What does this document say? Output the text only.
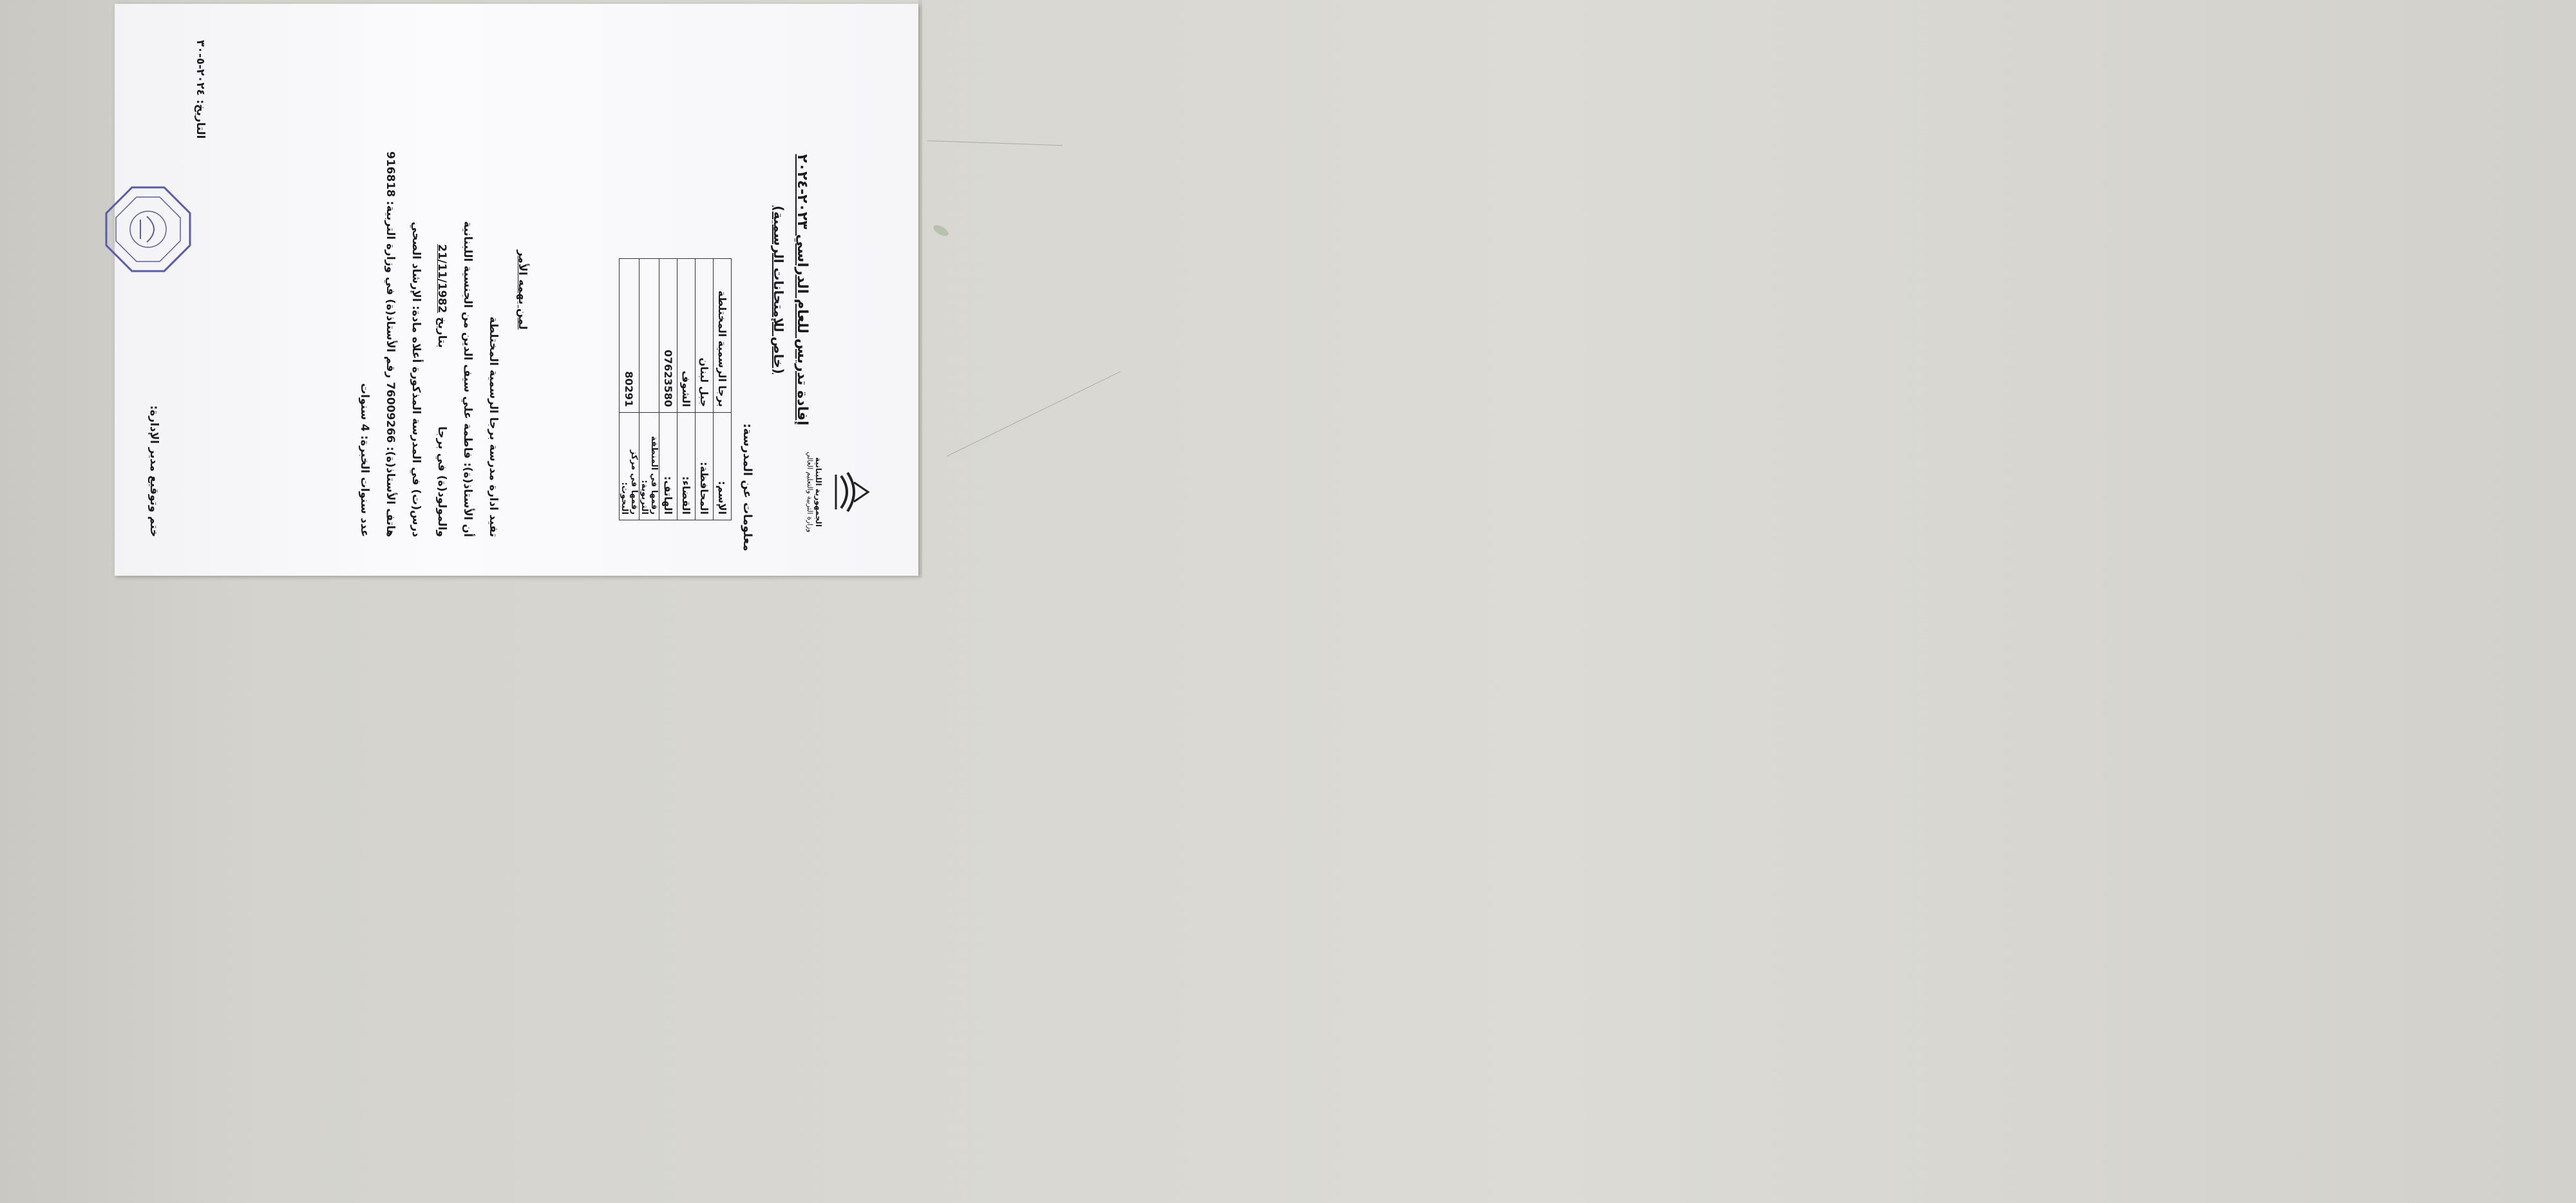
الجمهورية اللبنانية
وزارة التربية والتعليم العالي
إفادة تدريس للعام الدراسي ٢٠٢٣-٢٠٢٤
(خاص للإمتحانات الرسمية)
معلومات عن المدرسة:
الإسم:	برجا الرسمية المختلطة
المحافظة:	جبل لبنان
القضاء:	الشوف
الهاتف:	07623580
رقمها في المنطقة التربوية:	
رقمها في مركز البحوث:	80291
لمن يهمه الأمر
تفيد ادارة مدرسة برجا الرسمية المختلطة
أن الأستاذ(ة): فاطمة علي سيف الدين من الجنسية اللبنانية
والمولود(ة) في برجا  بتاريخ 21/11/1982
درس(ت) في المدرسة المذكورة أعلاه مادة: الإرشاد الصحي
هاتف الأستاذ(ة): 76009266 رقم الأستاذ(ة) في وزارة التربية: 916818
عدد سنوات الخبرة: 4 سنوات
التاريخ: ٢٠٢٤-٥-٣٠
ختم وتوقيع مدير الإدارة:
